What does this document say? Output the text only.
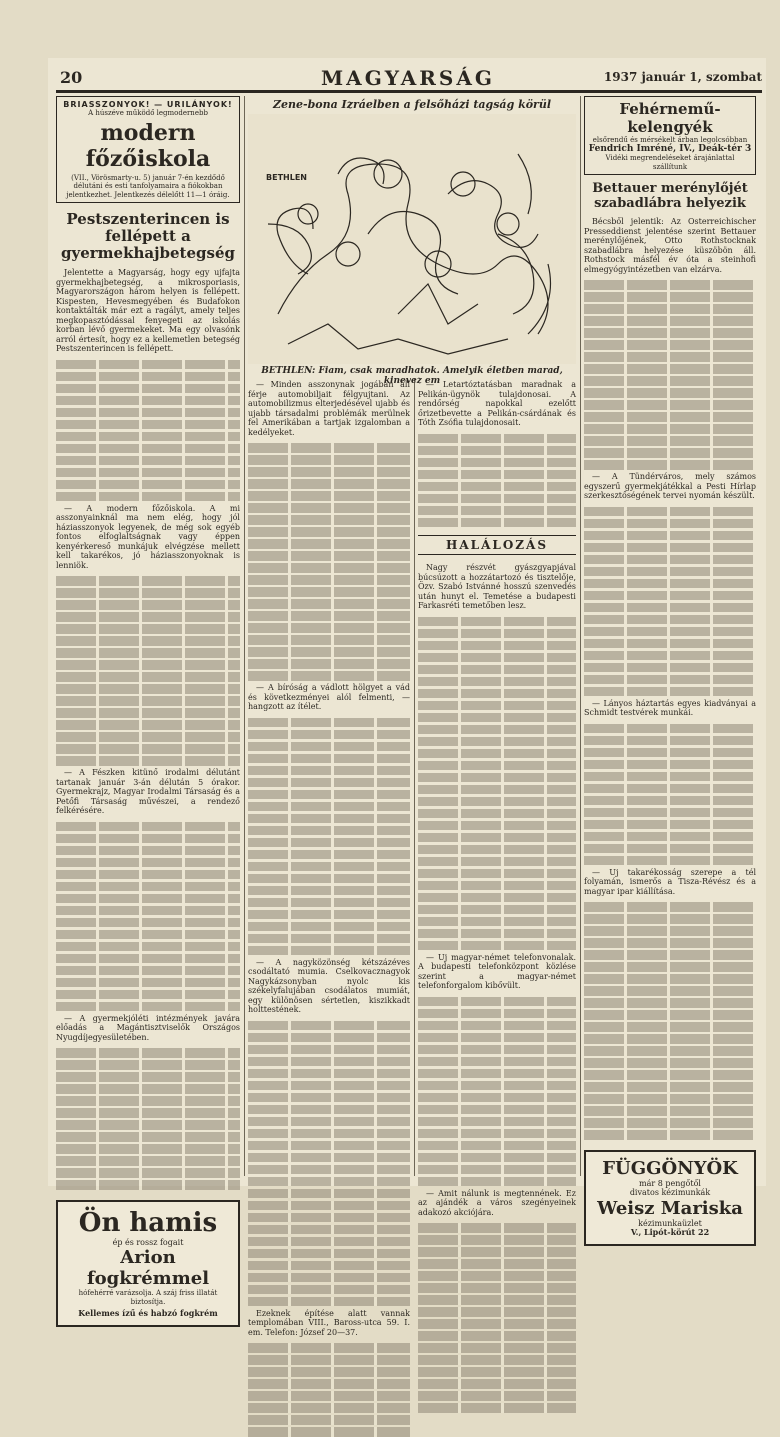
20	MAGYARSÁG	1937 január 1, szombat
BRIASSZONYOK! — URILÁNYOK!
A húszéve működő legmodernebb
modern főzőiskola
(VII., Vörösmarty-u. 5) január 7-én kezdődő délutáni és esti tanfolyamaira a fiókokban jelentkezhet. Jelentkezés délelőtt 11—1 óráig.
Pestszenterincen is fellépett a gyermekhajbetegség

Jelentette a Magyarság, hogy egy ujfajta gyermekhajbetegség, a mikrosporiasis, Magyarországon három helyen is fellépett. Kispesten, Hevesmegyében és Budafokon kontaktálták már ezt a ragályt, amely teljes megkopasztódással fenyegeti az iskolás korban lévő gyermekeket. Ma egy olvasónk arról értesít, hogy ez a kellemetlen betegség Pestszenterincen is fellépett.

— A modern főzőiskola. A mi asszonyainknál ma nem elég, hogy jól háziasszonyok legyenek, de még sok egyéb fontos elfoglaltságnak vagy éppen kenyérkereső munkájuk elvégzése mellett kell takarékos, jó háziasszonyoknak is lenniök.

— A Fészken kitünő irodalmi délutánt tartanak január 3-án délután 5 órakor. Gyermekrajz, Magyar Irodalmi Társaság és a Petőfi Társaság művészei, a rendező felkérésére.

— A gyermekjóléti intézmények javára előadás a Magántisztviselők Országos Nyugdíjegyesületében.

Ön hamis
ép és rossz fogait
Arion fogkrémmel
hófehérré varázsolja. A száj friss illatát biztosítja.
Kellemes ízű és habzó fogkrém
Zene-bona Izráelben a felsőházi tagság körül
BETHLEN
BETHLEN: Fiam, csak maradhatok. Amelyik életben marad, kinevez em

— Minden asszonynak jogában áll férje automobiljait félgyujtani. Az automobilizmus elterjedésével ujabb és ujabb társadalmi problémák merülnek fel Amerikában a tartjak izgalomban a kedélyeket.

— A bíróság a vádlott hölgyet a vád és következményei alól felmenti, — hangzott az ítélet.

— A nagyközönség kétszázéves csodáltató mumia. Cselkovacznagyok Nagykázsonyban nyolc kis székelyfalujában csodálatos mumiát, egy különösen sértetlen, kiszikkadt holttestének.

Ezeknek építése alatt vannak templomában VIII., Baross-utca 59. I. em. Telefon: József 20—37.

— Letartóztatásban maradnak a Pelikán-ügynök tulajdonosai. A rendőrség napokkal ezelőtt őrizetbevette a Pelikán-csárdának és Tóth Zsófia tulajdonosait.

HALÁLOZÁS

Nagy részvét gyászgyapjával búcsúzott a hozzátartozó és tisztelője, Özv. Szabó Istvánné hosszú szenvedés után hunyt el. Temetése a budapesti Farkasréti temetőben lesz.

— Uj magyar-német telefonvonalak. A budapesti telefonközpont közlése szerint a magyar-német telefonforgalom kibővült.

— Amit nálunk is megtennének. Ez az ajándék a város szegényeinek adakozó akciójára.

Fehérnemű-kelengyék
elsőrendű és mérsékelt árban legolcsóbban
Fendrich Imréné, IV., Deák-tér 3
Vidéki megrendeléseket árajánlattal szállítunk
Bettauer merénylőjét szabadlábra helyezik

Bécsből jelentik: Az Osterreichischer Presseddienst jelentése szerint Bettauer merénylőjének, Otto Rothstocknak szabadlábra helyezése küszöbön áll. Rothstock másfél év óta a steinhofi elmegyógyintézetben van elzárva.

— A Tündérváros, mely számos egyszerű gyermekjátékkal a Pesti Hírlap szerkesztőségének tervei nyomán készült.

— Lányos háztartás egyes kiadványai a Schmidt testvérek munkái.

— Uj takarékosság szerepe a tél folyamán, ismerős a Tisza-Révész és a magyar ipar kiállítása.

FÜGGÖNYÖK
már 8 pengőtől
divatos kézimunkák
Weisz Mariska
kézimunkaüzlet
V., Lipót-körút 22
